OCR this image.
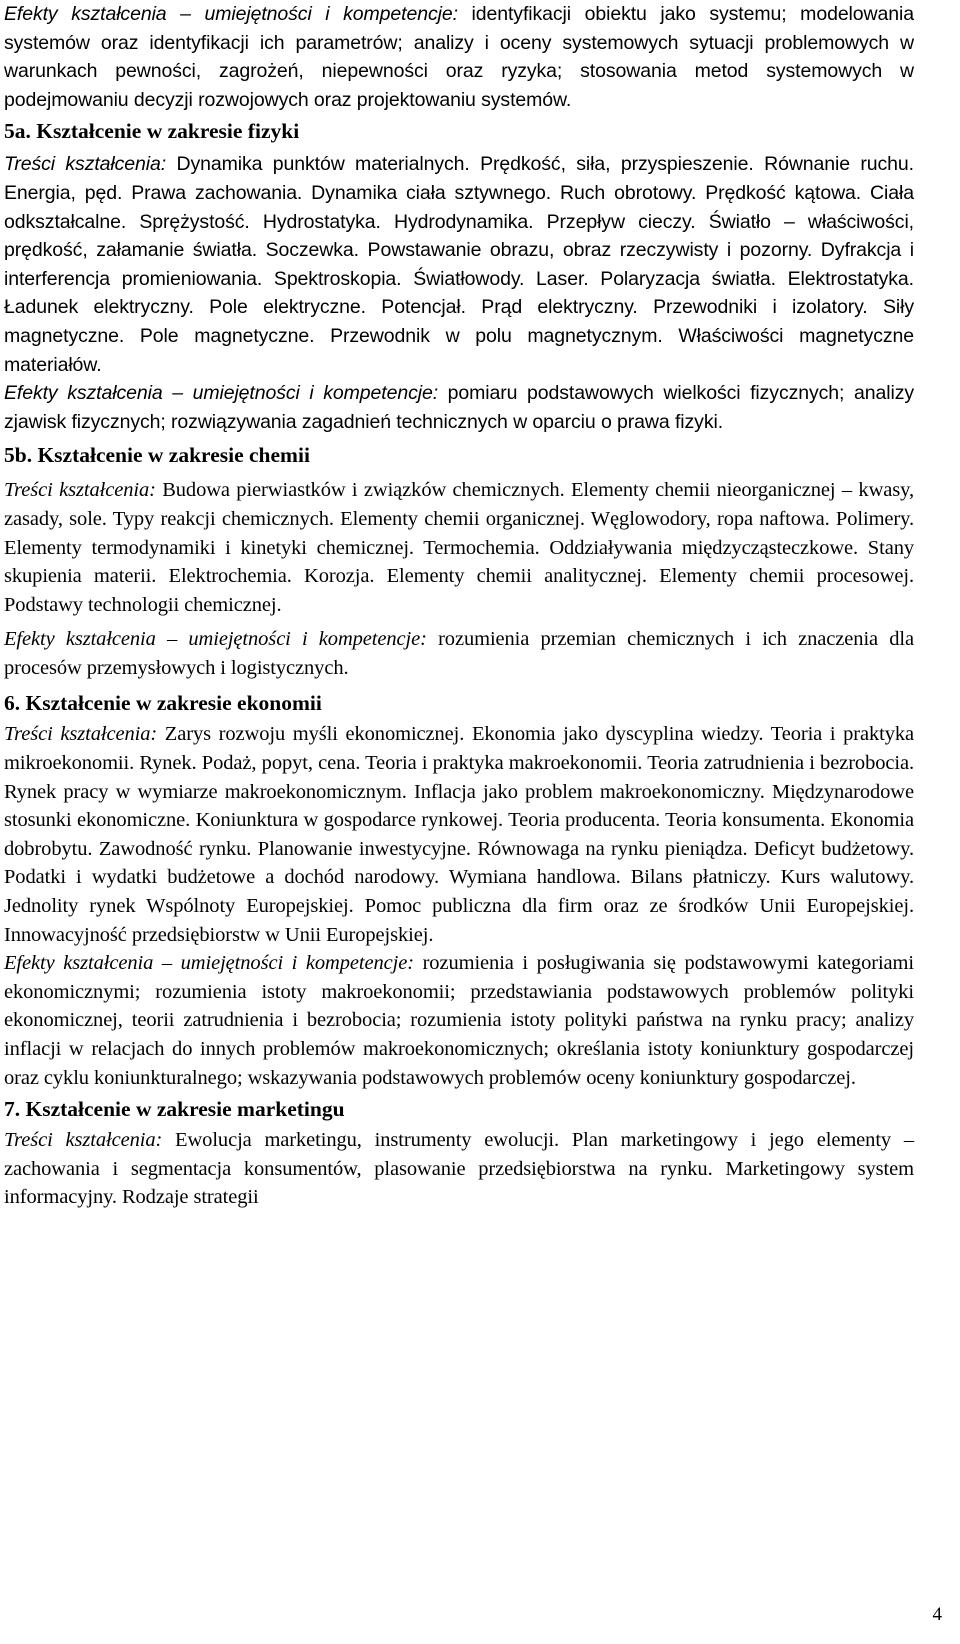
Efekty kształcenia – umiejętności i kompetencje: identyfikacji obiektu jako systemu; modelowania systemów oraz identyfikacji ich parametrów; analizy i oceny systemowych sytuacji problemowych w warunkach pewności, zagrożeń, niepewności oraz ryzyka; stosowania metod systemowych w podejmowaniu decyzji rozwojowych oraz projektowaniu systemów.

5a. Kształcenie w zakresie fizyki

Treści kształcenia: Dynamika punktów materialnych. Prędkość, siła, przyspieszenie. Równanie ruchu. Energia, pęd. Prawa zachowania. Dynamika ciała sztywnego. Ruch obrotowy. Prędkość kątowa. Ciała odkształcalne. Sprężystość. Hydrostatyka. Hydrodynamika. Przepływ cieczy. Światło – właściwości, prędkość, załamanie światła. Soczewka. Powstawanie obrazu, obraz rzeczywisty i pozorny. Dyfrakcja i interferencja promieniowania. Spektroskopia. Światłowody. Laser. Polaryzacja światła. Elektrostatyka. Ładunek elektryczny. Pole elektryczne. Potencjał. Prąd elektryczny. Przewodniki i izolatory. Siły magnetyczne. Pole magnetyczne. Przewodnik w polu magnetycznym. Właściwości magnetyczne materiałów.

Efekty kształcenia – umiejętności i kompetencje: pomiaru podstawowych wielkości fizycznych; analizy zjawisk fizycznych; rozwiązywania zagadnień technicznych w oparciu o prawa fizyki.

5b. Kształcenie w zakresie chemii

Treści kształcenia: Budowa pierwiastków i związków chemicznych. Elementy chemii nieorganicznej – kwasy, zasady, sole. Typy reakcji chemicznych. Elementy chemii organicznej. Węglowodory, ropa naftowa. Polimery. Elementy termodynamiki i kinetyki chemicznej. Termochemia. Oddziaływania międzycząsteczkowe. Stany skupienia materii. Elektrochemia. Korozja. Elementy chemii analitycznej. Elementy chemii procesowej. Podstawy technologii chemicznej.

Efekty kształcenia – umiejętności i kompetencje: rozumienia przemian chemicznych i ich znaczenia dla procesów przemysłowych i logistycznych.

6. Kształcenie w zakresie ekonomii

Treści kształcenia: Zarys rozwoju myśli ekonomicznej. Ekonomia jako dyscyplina wiedzy. Teoria i praktyka mikroekonomii. Rynek. Podaż, popyt, cena. Teoria i praktyka makroekonomii. Teoria zatrudnienia i bezrobocia. Rynek pracy w wymiarze makroekonomicznym. Inflacja jako problem makroekonomiczny. Międzynarodowe stosunki ekonomiczne. Koniunktura w gospodarce rynkowej. Teoria producenta. Teoria konsumenta. Ekonomia dobrobytu. Zawodność rynku. Planowanie inwestycyjne. Równowaga na rynku pieniądza. Deficyt budżetowy. Podatki i wydatki budżetowe a dochód narodowy. Wymiana handlowa. Bilans płatniczy. Kurs walutowy. Jednolity rynek Wspólnoty Europejskiej. Pomoc publiczna dla firm oraz ze środków Unii Europejskiej. Innowacyjność przedsiębiorstw w Unii Europejskiej.

Efekty kształcenia – umiejętności i kompetencje: rozumienia i posługiwania się podstawowymi kategoriami ekonomicznymi; rozumienia istoty makroekonomii; przedstawiania podstawowych problemów polityki ekonomicznej, teorii zatrudnienia i bezrobocia; rozumienia istoty polityki państwa na rynku pracy; analizy inflacji w relacjach do innych problemów makroekonomicznych; określania istoty koniunktury gospodarczej oraz cyklu koniunkturalnego; wskazywania podstawowych problemów oceny koniunktury gospodarczej.

7. Kształcenie w zakresie marketingu

Treści kształcenia: Ewolucja marketingu, instrumenty ewolucji. Plan marketingowy i jego elementy – zachowania i segmentacja konsumentów, plasowanie przedsiębiorstwa na rynku. Marketingowy system informacyjny. Rodzaje strategii

4
